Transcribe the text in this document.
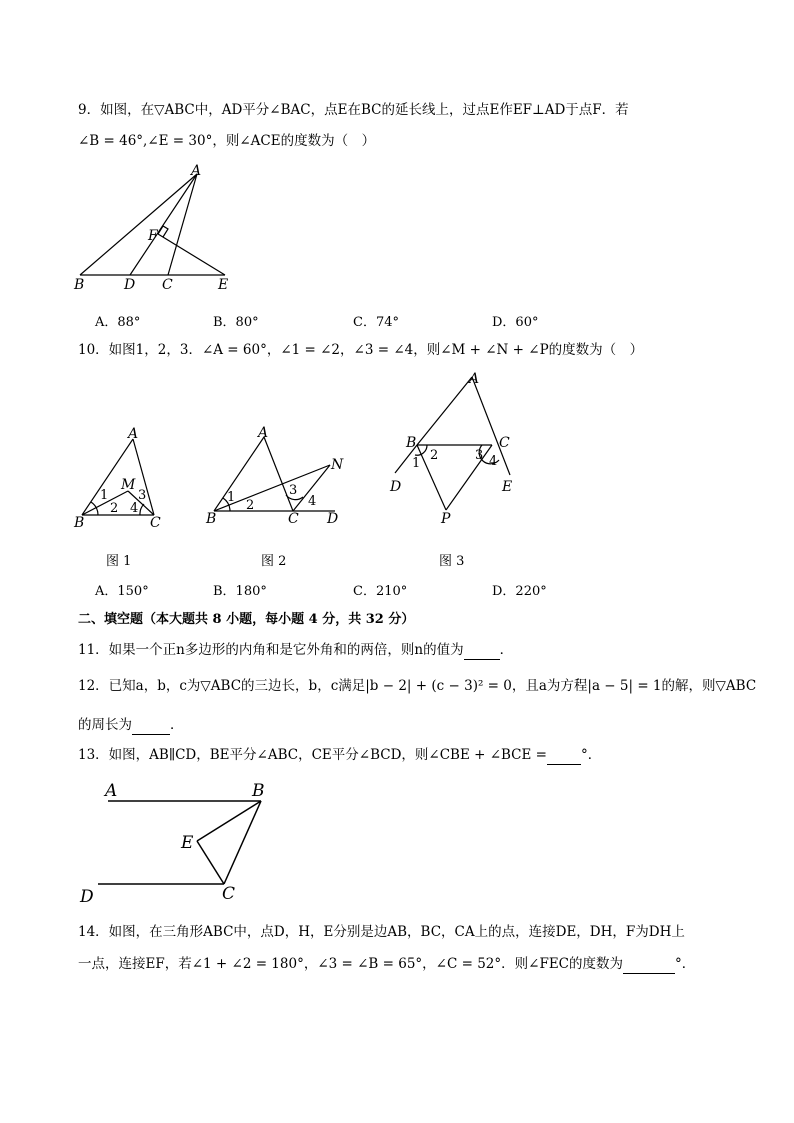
9．如图，在▽ABC中，AD平分∠BAC，点E在BC的延长线上，过点E作EF⊥AD于点F．若
∠B = 46°,∠E = 30°，则∠ACE的度数为（　）
A
F
B	D C	E
A．88°	B．80°	C．74°	D．60°
10．如图1，2，3．∠A = 60°，∠1 = ∠2，∠3 = ∠4，则∠M + ∠N + ∠P的度数为（　）
A
M
B	C
1
2
3
4
图 1
A
N
B	C D
1
2
3
4
图 2
A
B	C
D	E
P
1
2	3 4
图 3
A．150°	B．180°	C．210°	D．220°
二、填空题（本大题共 8 小题，每小题 4 分，共 32 分）
11．如果一个正n多边形的内角和是它外角和的两倍，则n的值为	．
12．已知a，b，c为▽ABC的三边长，b，c满足|b − 2| + (c − 3)² = 0，且a为方程|a − 5| = 1的解，则▽ABC
的周长为	．
13．如图，AB∥CD，BE平分∠ABC，CE平分∠BCD，则∠CBE + ∠BCE =	°．
A	B
E
C
D
14．如图，在三角形ABC中，点D，H，E分别是边AB，BC，CA上的点，连接DE，DH，F为DH上
一点，连接EF，若∠1 + ∠2 = 180°，∠3 = ∠B = 65°，∠C = 52°．则∠FEC的度数为	°．
